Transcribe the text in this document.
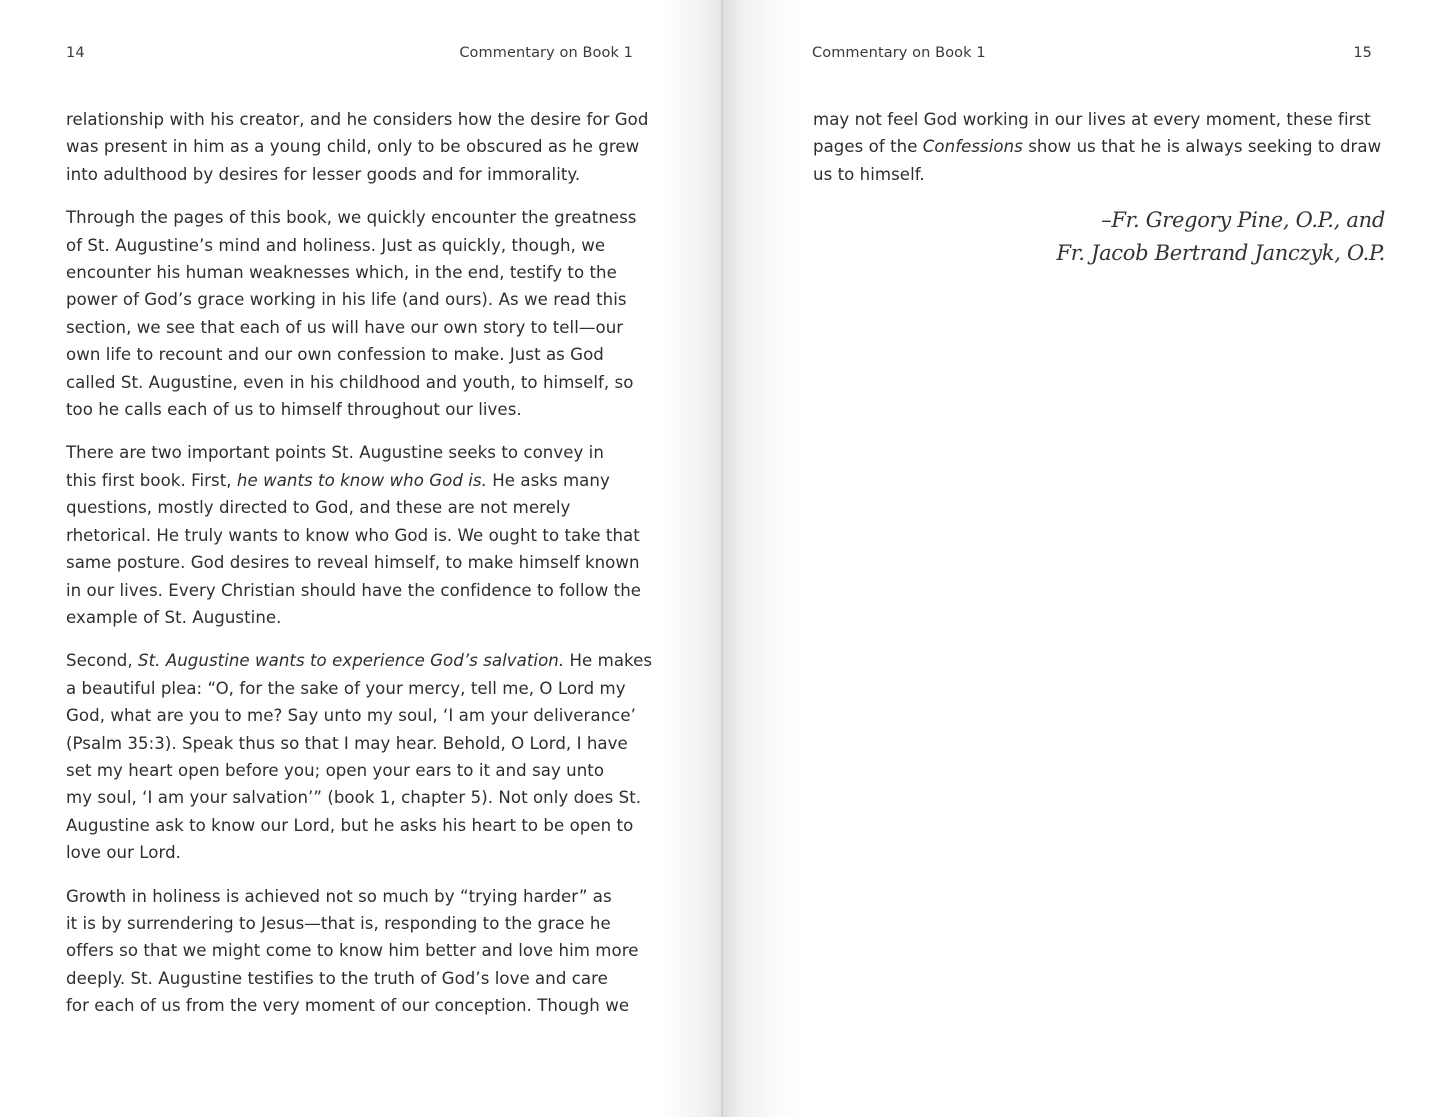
14	Commentary on Book 1

relationship with his creator, and he considers how the desire for God
was present in him as a young child, only to be obscured as he grew
into adulthood by desires for lesser goods and for immorality.

Through the pages of this book, we quickly encounter the greatness
of St. Augustine’s mind and holiness. Just as quickly, though, we
encounter his human weaknesses which, in the end, testify to the
power of God’s grace working in his life (and ours). As we read this
section, we see that each of us will have our own story to tell—our
own life to recount and our own confession to make. Just as God
called St. Augustine, even in his childhood and youth, to himself, so
too he calls each of us to himself throughout our lives.

There are two important points St. Augustine seeks to convey in
this first book. First, he wants to know who God is. He asks many
questions, mostly directed to God, and these are not merely
rhetorical. He truly wants to know who God is. We ought to take that
same posture. God desires to reveal himself, to make himself known
in our lives. Every Christian should have the confidence to follow the
example of St. Augustine.

Second, St. Augustine wants to experience God’s salvation. He makes
a beautiful plea: “O, for the sake of your mercy, tell me, O Lord my
God, what are you to me? Say unto my soul, ‘I am your deliverance’
(Psalm 35:3). Speak thus so that I may hear. Behold, O Lord, I have
set my heart open before you; open your ears to it and say unto
my soul, ‘I am your salvation’” (book 1, chapter 5). Not only does St.
Augustine ask to know our Lord, but he asks his heart to be open to
love our Lord.

Growth in holiness is achieved not so much by “trying harder” as
it is by surrendering to Jesus—that is, responding to the grace he
offers so that we might come to know him better and love him more
deeply. St. Augustine testifies to the truth of God’s love and care
for each of us from the very moment of our conception. Though we

Commentary on Book 1	15

may not feel God working in our lives at every moment, these first
pages of the Confessions show us that he is always seeking to draw
us to himself.

–Fr. Gregory Pine, O.P., and
Fr. Jacob Bertrand Janczyk, O.P.
